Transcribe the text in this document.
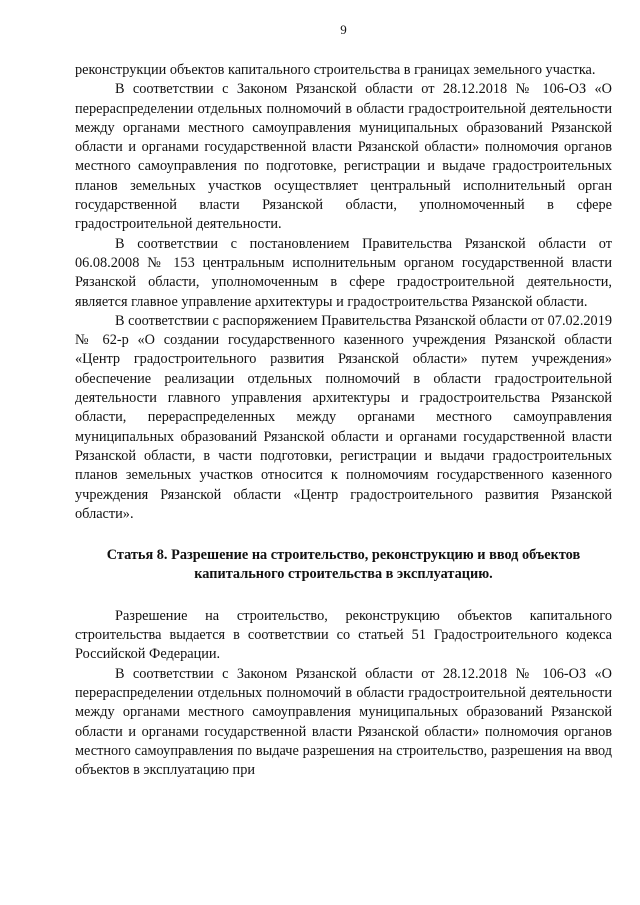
9

реконструкции объектов капитального строительства в границах земельного участка.

В соответствии с Законом Рязанской области от 28.12.2018 № 106-ОЗ «О перераспределении отдельных полномочий в области градостроительной деятельности между органами местного самоуправления муниципальных образований Рязанской области и органами государственной власти Рязанской области» полномочия органов местного самоуправления по подготовке, регистрации и выдаче градостроительных планов земельных участков осуществляет центральный исполнительный орган государственной власти Рязанской области, уполномоченный в сфере градостроительной деятельности.

В соответствии с постановлением Правительства Рязанской области от 06.08.2008 № 153 центральным исполнительным органом государственной власти Рязанской области, уполномоченным в сфере градостроительной деятельности, является главное управление архитектуры и градостроительства Рязанской области.

В соответствии с распоряжением Правительства Рязанской области от 07.02.2019 № 62-р «О создании государственного казенного учреждения Рязанской области «Центр градостроительного развития Рязанской области» путем учреждения» обеспечение реализации отдельных полномочий в области градостроительной деятельности главного управления архитектуры и градостроительства Рязанской области, перераспределенных между органами местного самоуправления муниципальных образований Рязанской области и органами государственной власти Рязанской области, в части подготовки, регистрации и выдачи градостроительных планов земельных участков относится к полномочиям государственного казенного учреждения Рязанской области «Центр градостроительного развития Рязанской области».

Статья 8. Разрешение на строительство, реконструкцию и ввод объектов капитального строительства в эксплуатацию.

Разрешение на строительство, реконструкцию объектов капитального строительства выдается в соответствии со статьей 51 Градостроительного кодекса Российской Федерации.

В соответствии с Законом Рязанской области от 28.12.2018 № 106-ОЗ «О перераспределении отдельных полномочий в области градостроительной деятельности между органами местного самоуправления муниципальных образований Рязанской области и органами государственной власти Рязанской области» полномочия органов местного самоуправления по выдаче разрешения на строительство, разрешения на ввод объектов в эксплуатацию при
